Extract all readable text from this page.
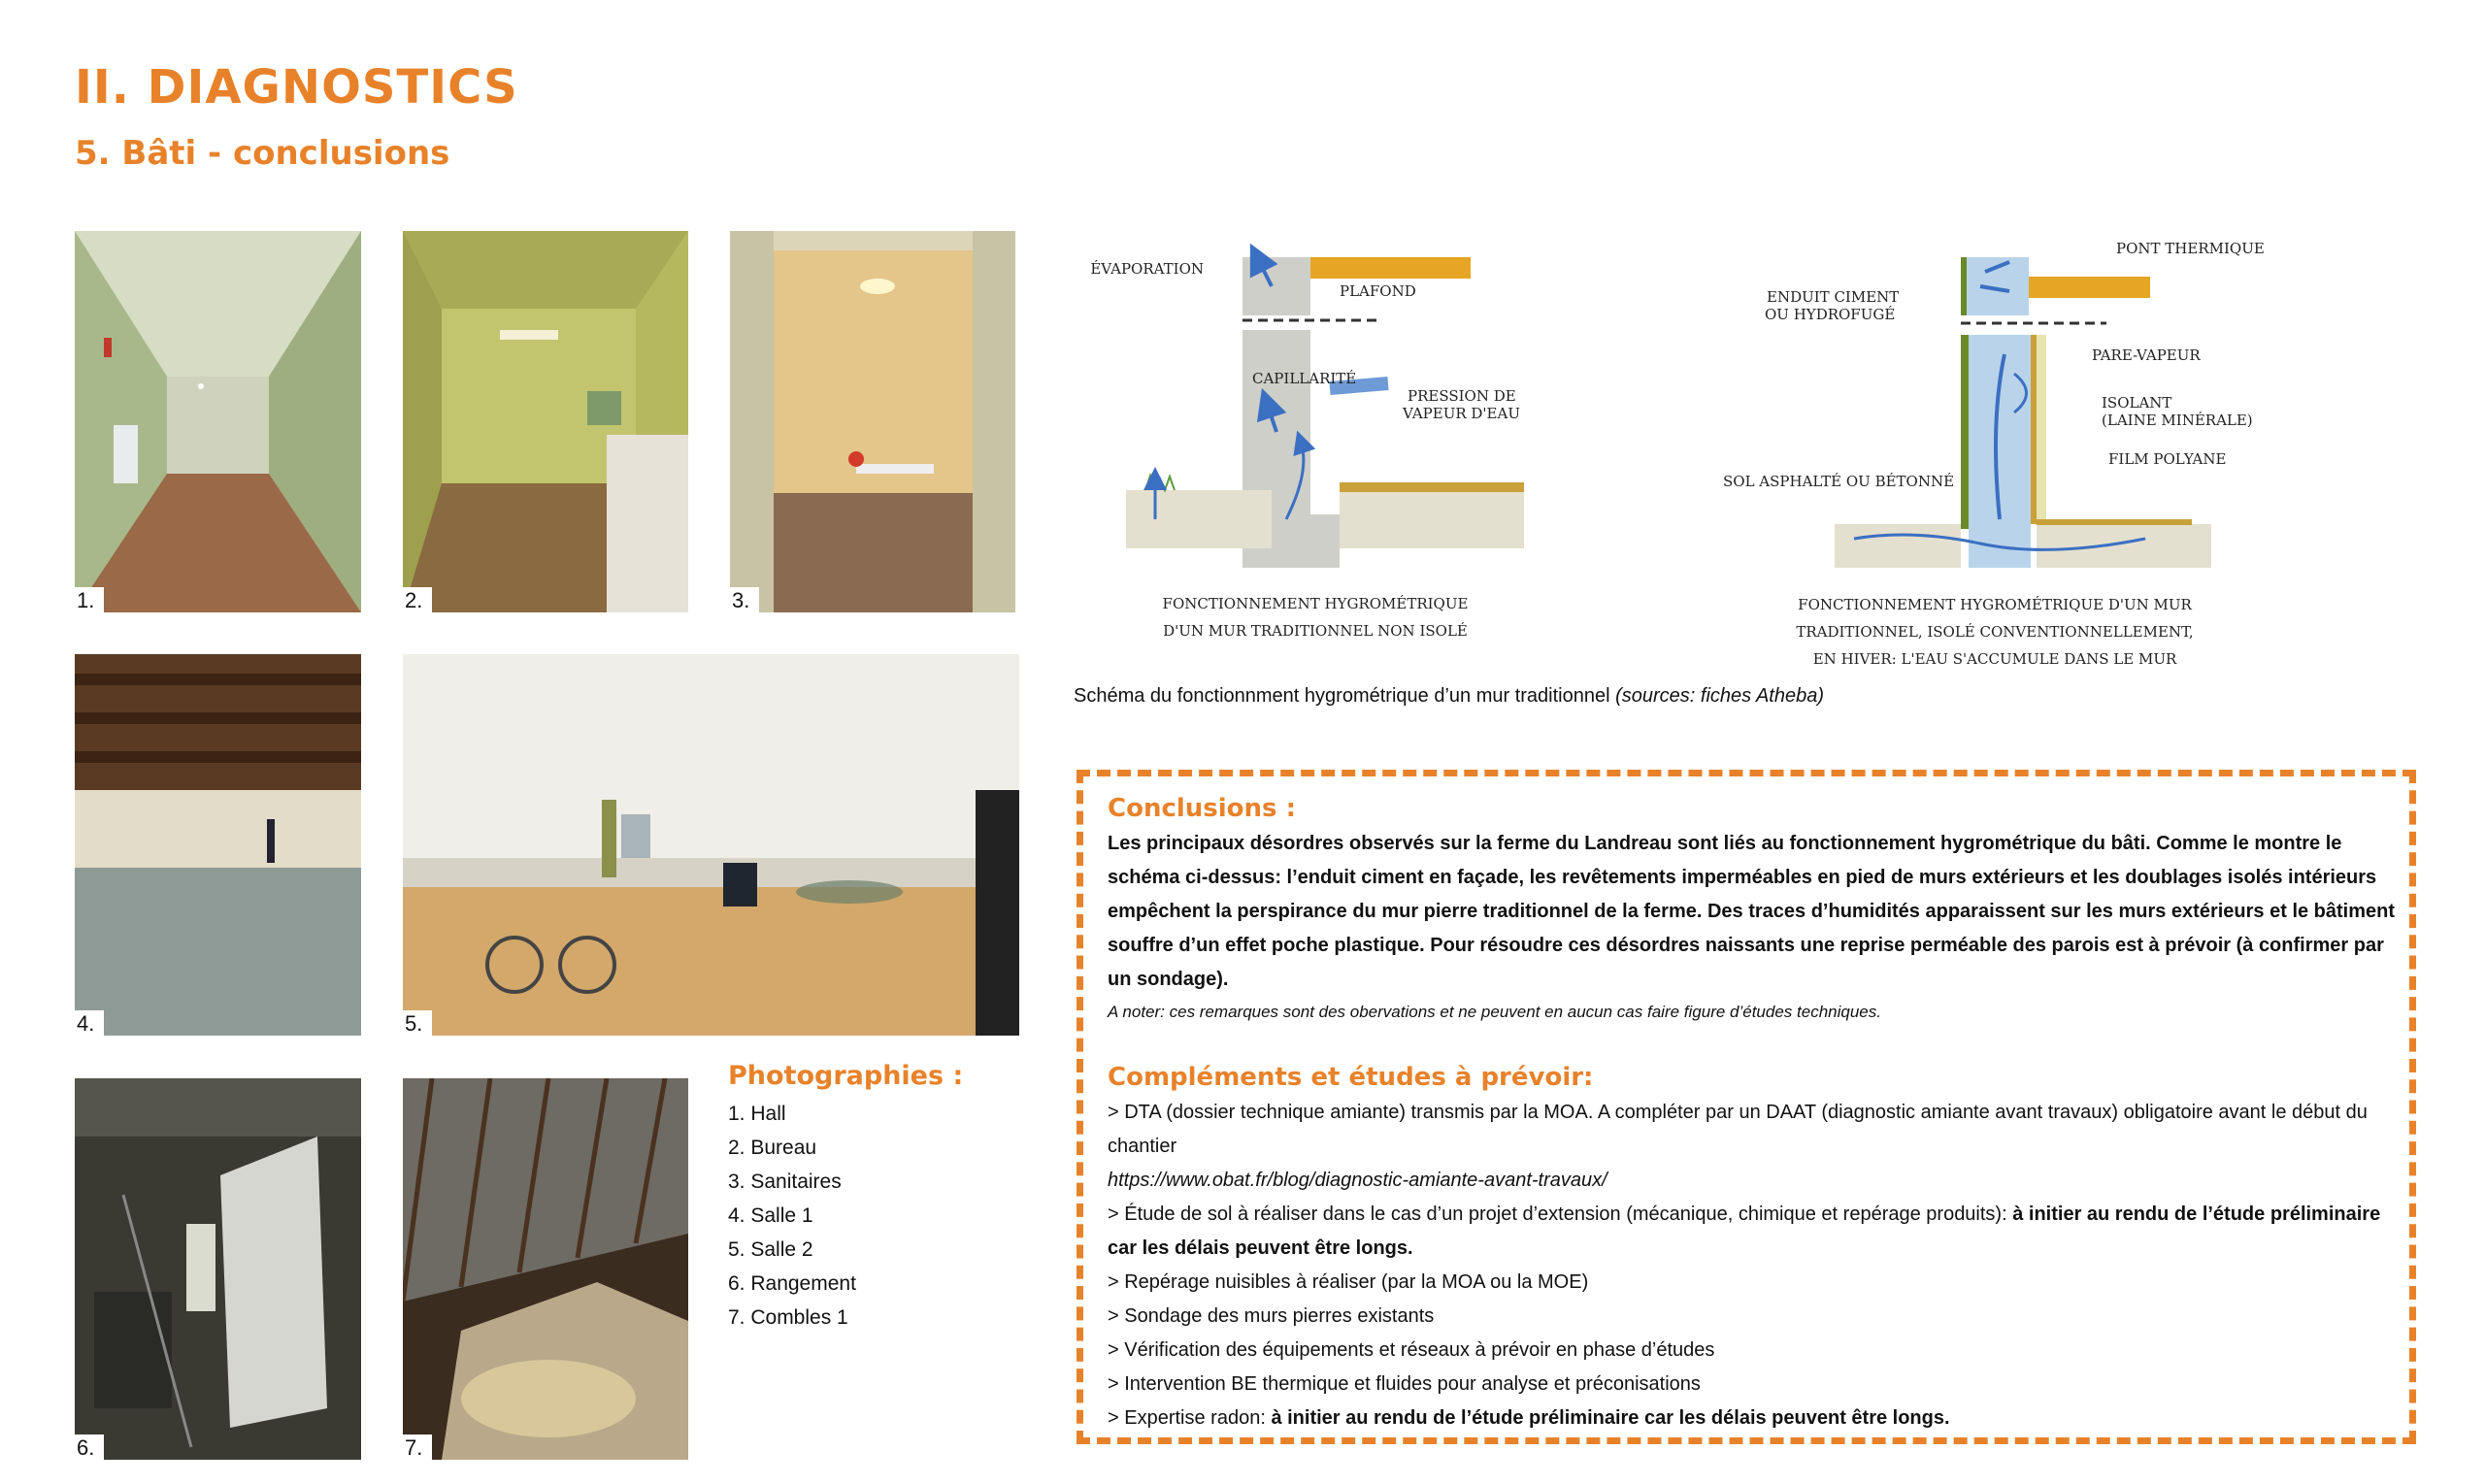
II. DIAGNOSTICS
5. Bâti - conclusions
1.	2.	3.
4.	5.
6.	7.
Photographies :
1. Hall
2. Bureau
3. Sanitaires
4. Salle 1
5. Salle 2
6. Rangement
7. Combles 1
ÉVAPORATION
PLAFOND
CAPILLARITÉ
PRESSION DE
VAPEUR D'EAU
FONCTIONNEMENT HYGROMÉTRIQUE
D'UN MUR TRADITIONNEL NON ISOLÉ
PONT THERMIQUE
ENDUIT CIMENT
OU HYDROFUGÉ
PARE-VAPEUR
ISOLANT
(LAINE MINÉRALE)
FILM POLYANE
SOL ASPHALTÉ OU BÉTONNÉ
FONCTIONNEMENT HYGROMÉTRIQUE D'UN MUR
TRADITIONNEL, ISOLÉ CONVENTIONNELLEMENT,
EN HIVER: L'EAU S'ACCUMULE DANS LE MUR
Schéma du fonctionnment hygrométrique d’un mur traditionnel (sources: fiches Atheba)
Conclusions :

Les principaux désordres observés sur la ferme du Landreau sont liés au fonctionnement hygrométrique du bâti. Comme le montre le schéma ci-dessus: l’enduit ciment en façade, les revêtements imperméables en pied de murs extérieurs et les doublages isolés intérieurs empêchent la perspirance du mur pierre traditionnel de la ferme. Des traces d’humidités apparaissent sur les murs extérieurs et le bâtiment souffre d’un effet poche plastique. Pour résoudre ces désordres naissants une reprise perméable des parois est à prévoir (à confirmer par un sondage).

A noter: ces remarques sont des obervations et ne peuvent en aucun cas faire figure d’études techniques.

Compléments et études à prévoir:

> DTA (dossier technique amiante) transmis par la MOA. A compléter par un DAAT (diagnostic amiante avant travaux) obligatoire avant le début du chantier

https://www.obat.fr/blog/diagnostic-amiante-avant-travaux/

> Étude de sol à réaliser dans le cas d’un projet d’extension (mécanique, chimique et repérage produits): à initier au rendu de l’étude préliminaire car les délais peuvent être longs.

> Repérage nuisibles à réaliser (par la MOA ou la MOE)

> Sondage des murs pierres existants

> Vérification des équipements et réseaux à prévoir en phase d’études

> Intervention BE thermique et fluides pour analyse et préconisations

> Expertise radon: à initier au rendu de l’étude préliminaire car les délais peuvent être longs.
